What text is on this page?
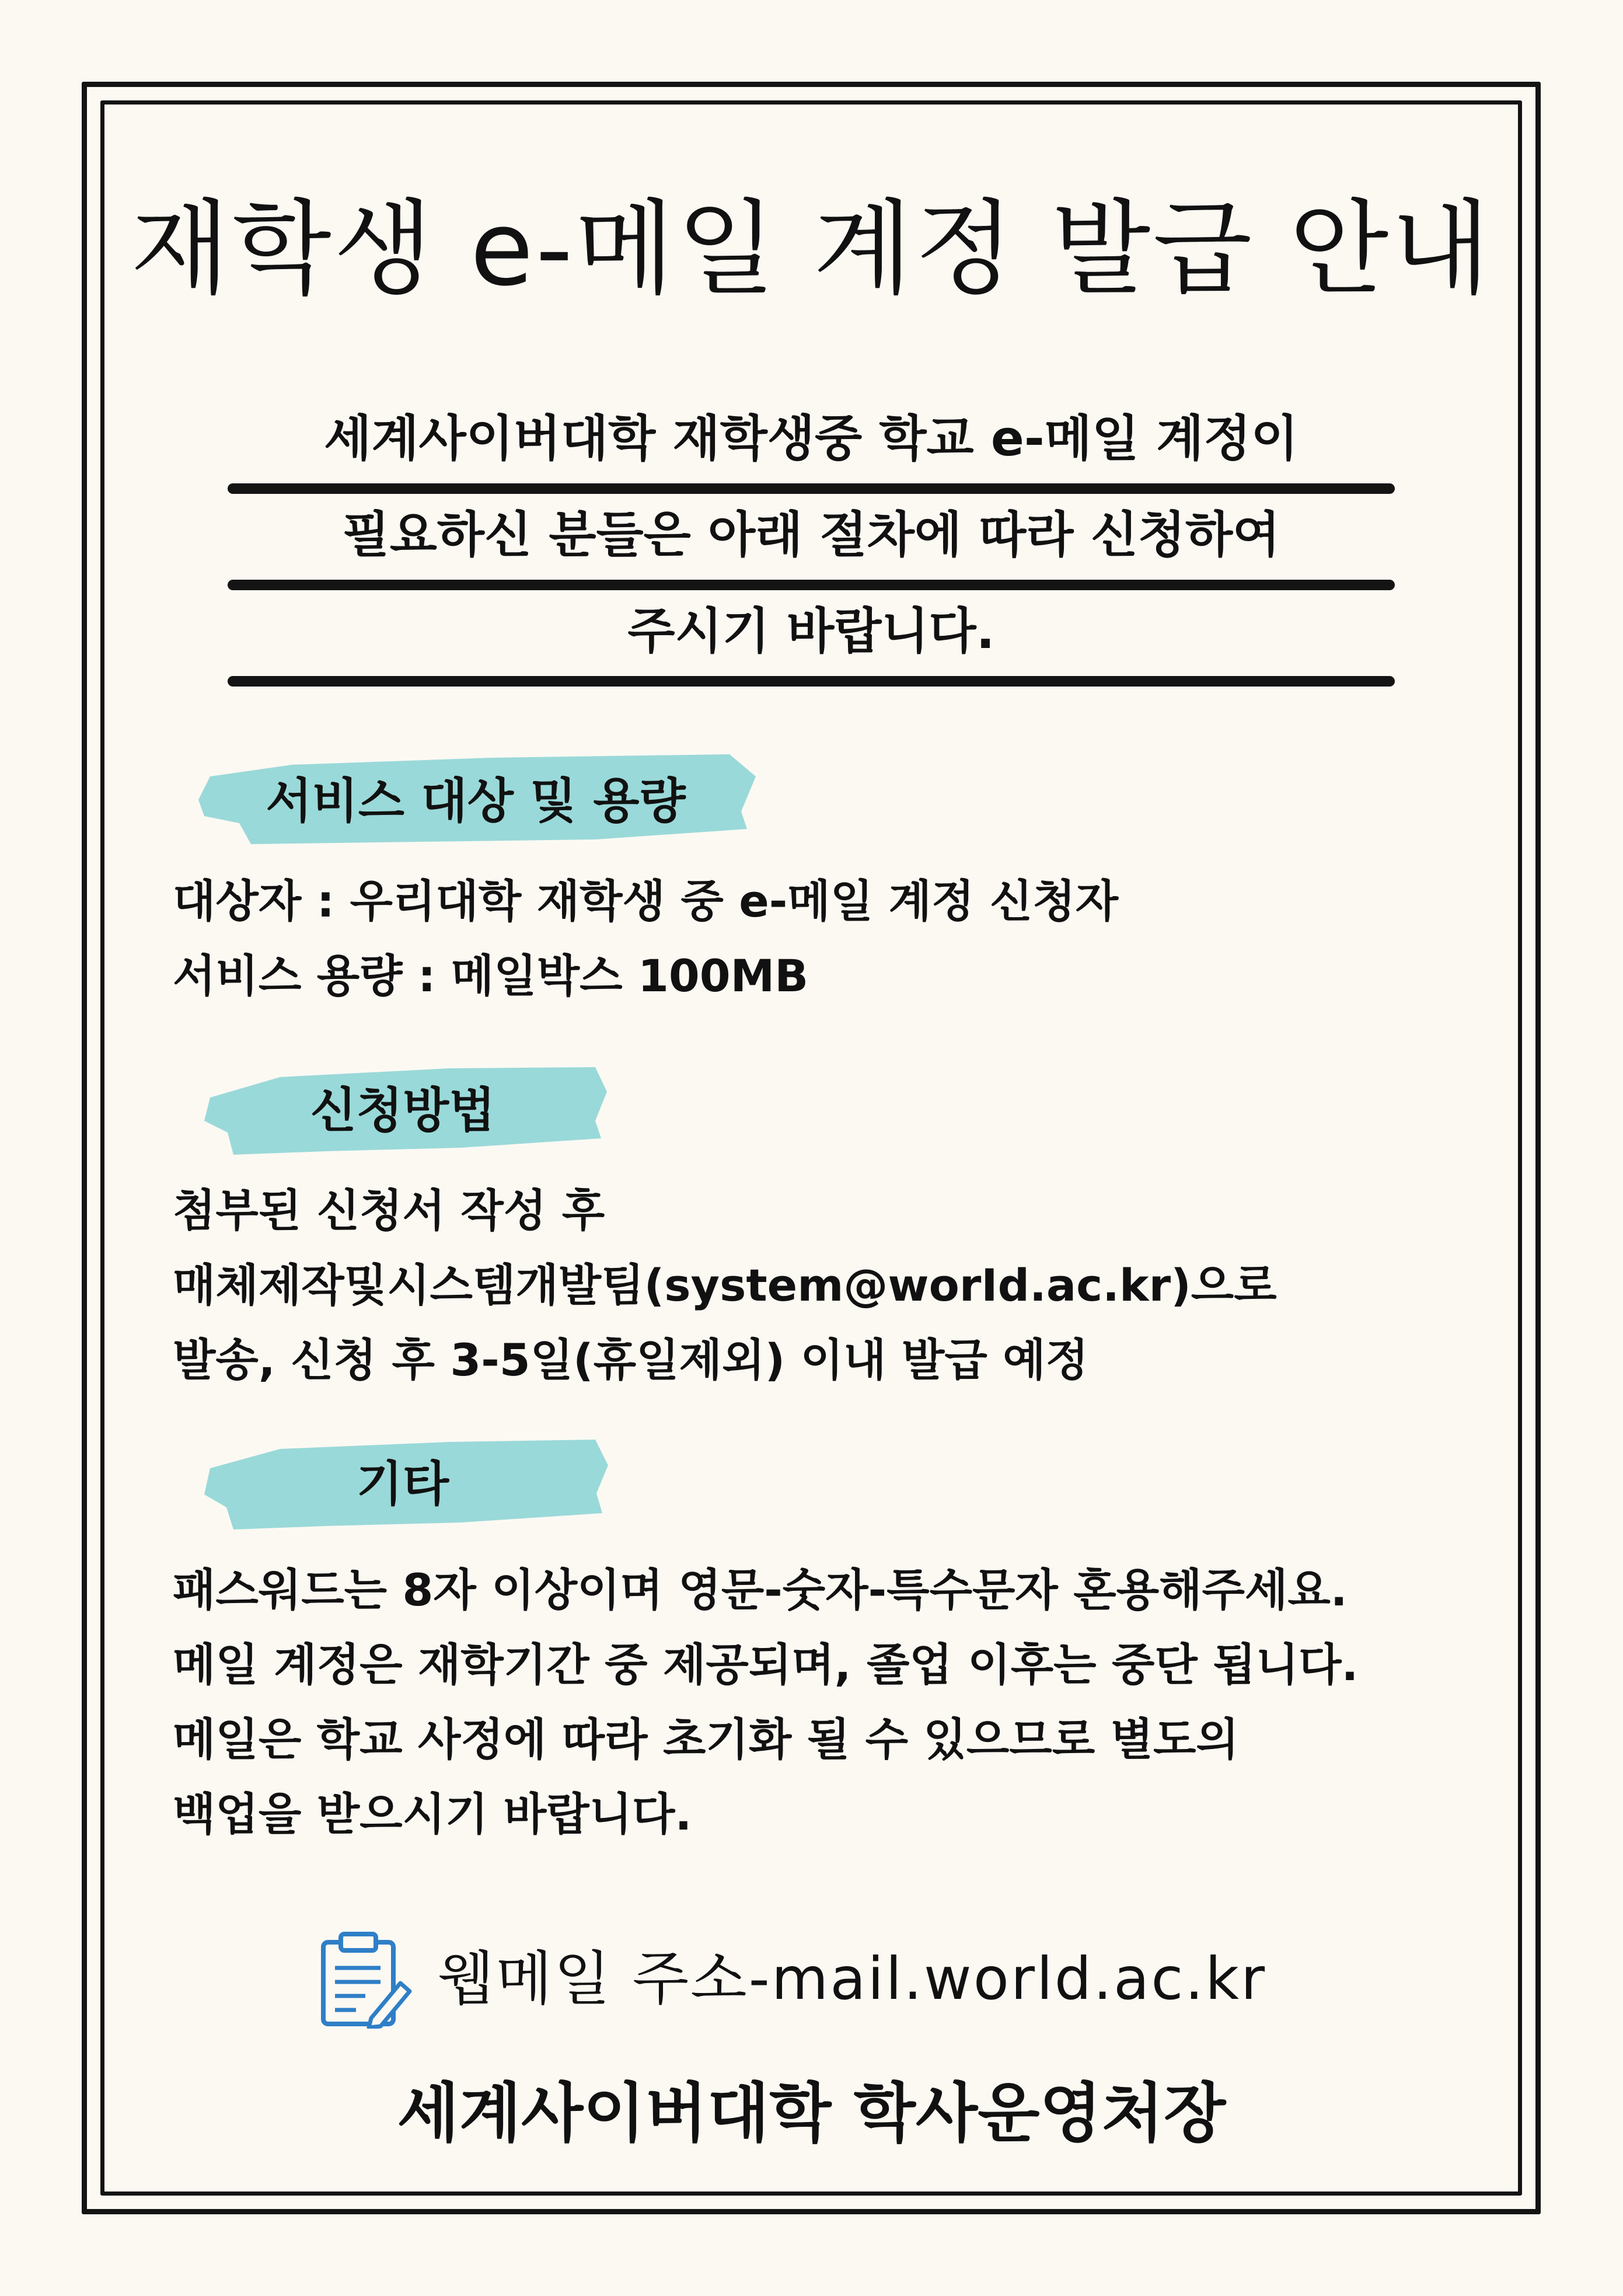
재학생 e-메일 계정 발급 안내
세계사이버대학 재학생중 학교 e-메일 계정이
필요하신 분들은 아래 절차에 따라 신청하여
주시기 바랍니다.
서비스 대상 및 용량
대상자 : 우리대학 재학생 중 e-메일 계정 신청자
서비스 용량 : 메일박스 100MB
신청방법
첨부된 신청서 작성 후
매체제작및시스템개발팀(system@worId.ac.kr)으로
발송, 신청 후 3-5일(휴일제외) 이내 발급 예정
기타
패스워드는 8자 이상이며 영문-숫자-특수문자 혼용해주세요.
메일 계정은 재학기간 중 제공되며, 졸업 이후는 중단 됩니다.
메일은 학교 사정에 따라 초기화 될 수 있으므로 별도의
백업을 받으시기 바랍니다.
웹메일 주소-mail.world.ac.kr
세계사이버대학 학사운영처장
